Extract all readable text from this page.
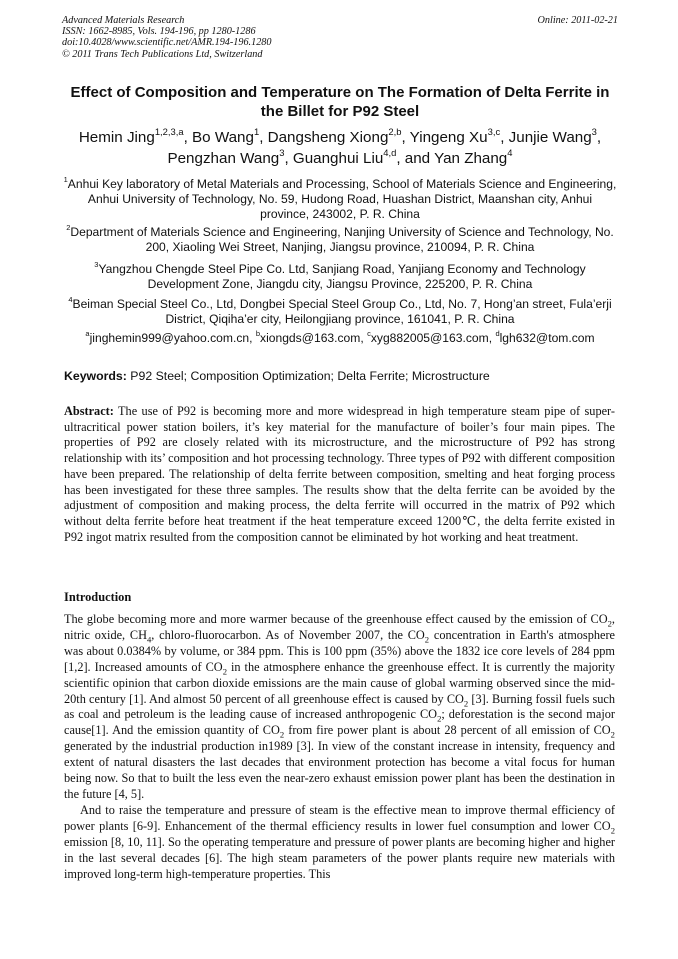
Advanced Materials Research
ISSN: 1662-8985, Vols. 194-196, pp 1280-1286
doi:10.4028/www.scientific.net/AMR.194-196.1280
© 2011 Trans Tech Publications Ltd, Switzerland
Online: 2011-02-21
Effect of Composition and Temperature on The Formation of Delta Ferrite in the Billet for P92 Steel
Hemin Jing$^{1,2,3,a}$, Bo Wang$^1$, Dangsheng Xiong$^{2,b}$, Yingeng Xu$^{3,c}$, Junjie Wang$^3$,
Pengzhan Wang$^3$, Guanghui Liu$^{4,d}$, and Yan Zhang$^4$
$^1$Anhui Key laboratory of Metal Materials and Processing, School of Materials Science and Engineering, Anhui University of Technology, No. 59, Hudong Road, Huashan District, Maanshan city, Anhui province, 243002, P. R. China
$^2$Department of Materials Science and Engineering, Nanjing University of Science and Technology, No. 200, Xiaoling Wei Street, Nanjing, Jiangsu province, 210094, P. R. China
$^3$Yangzhou Chengde Steel Pipe Co. Ltd, Sanjiang Road, Yanjiang Economy and Technology Development Zone, Jiangdu city, Jiangsu Province, 225200, P. R. China
$^4$Beiman Special Steel Co., Ltd, Dongbei Special Steel Group Co., Ltd, No. 7, Hong’an street, Fula’erji District, Qiqiha’er city, Heilongjiang province, 161041, P. R. China
$^a$jinghemin999@yahoo.com.cn, $^b$xiongds@163.com, $^c$xyg882005@163.com, $^d$lgh632@tom.com
Keywords: P92 Steel; Composition Optimization; Delta Ferrite; Microstructure
Abstract: The use of P92 is becoming more and more widespread in high temperature steam pipe of super-ultracritical power station boilers, it’s key material for the manufacture of boiler’s four main pipes. The properties of P92 are closely related with its microstructure, and the microstructure of P92 has strong relationship with its’ composition and hot processing technology. Three types of P92 with different composition have been prepared. The relationship of delta ferrite between composition, smelting and heat forging process has been investigated for these three samples. The results show that the delta ferrite can be avoided by the adjustment of composition and making process, the delta ferrite will occurred in the matrix of P92 which without delta ferrite before heat treatment if the heat temperature exceed 1200℃, the delta ferrite existed in P92 ingot matrix resulted from the composition cannot be eliminated by hot working and heat treatment.
Introduction

The globe becoming more and more warmer because of the greenhouse effect caused by the emission of $CO_2$, nitric oxide, $CH_4$, chloro-fluorocarbon. As of November 2007, the $CO_2$ concentration in Earth's atmosphere was about 0.0384% by volume, or 384 ppm. This is 100 ppm (35%) above the 1832 ice core levels of 284 ppm [1,2]. Increased amounts of $CO_2$ in the atmosphere enhance the greenhouse effect. It is currently the majority scientific opinion that carbon dioxide emissions are the main cause of global warming observed since the mid-20th century [1]. And almost 50 percent of all greenhouse effect is caused by $CO_2$ [3]. Burning fossil fuels such as coal and petroleum is the leading cause of increased anthropogenic $CO_2$; deforestation is the second major cause[1]. And the emission quantity of $CO_2$ from fire power plant is about 28 percent of all emission of $CO_2$ generated by the industrial production in1989 [3]. In view of the constant increase in intensity, frequency and extent of natural disasters the last decades that environment protection has become a vital focus for human being now. So that to built the less even the near-zero exhaust emission power plant has been the destination in the future [4, 5].

And to raise the temperature and pressure of steam is the effective mean to improve thermal efficiency of power plants [6-9]. Enhancement of the thermal efficiency results in lower fuel consumption and lower $CO_2$ emission [8, 10, 11]. So the operating temperature and pressure of power plants are becoming higher and higher in the last several decades [6]. The high steam parameters of the power plants require new materials with improved long-term high-temperature properties. This
